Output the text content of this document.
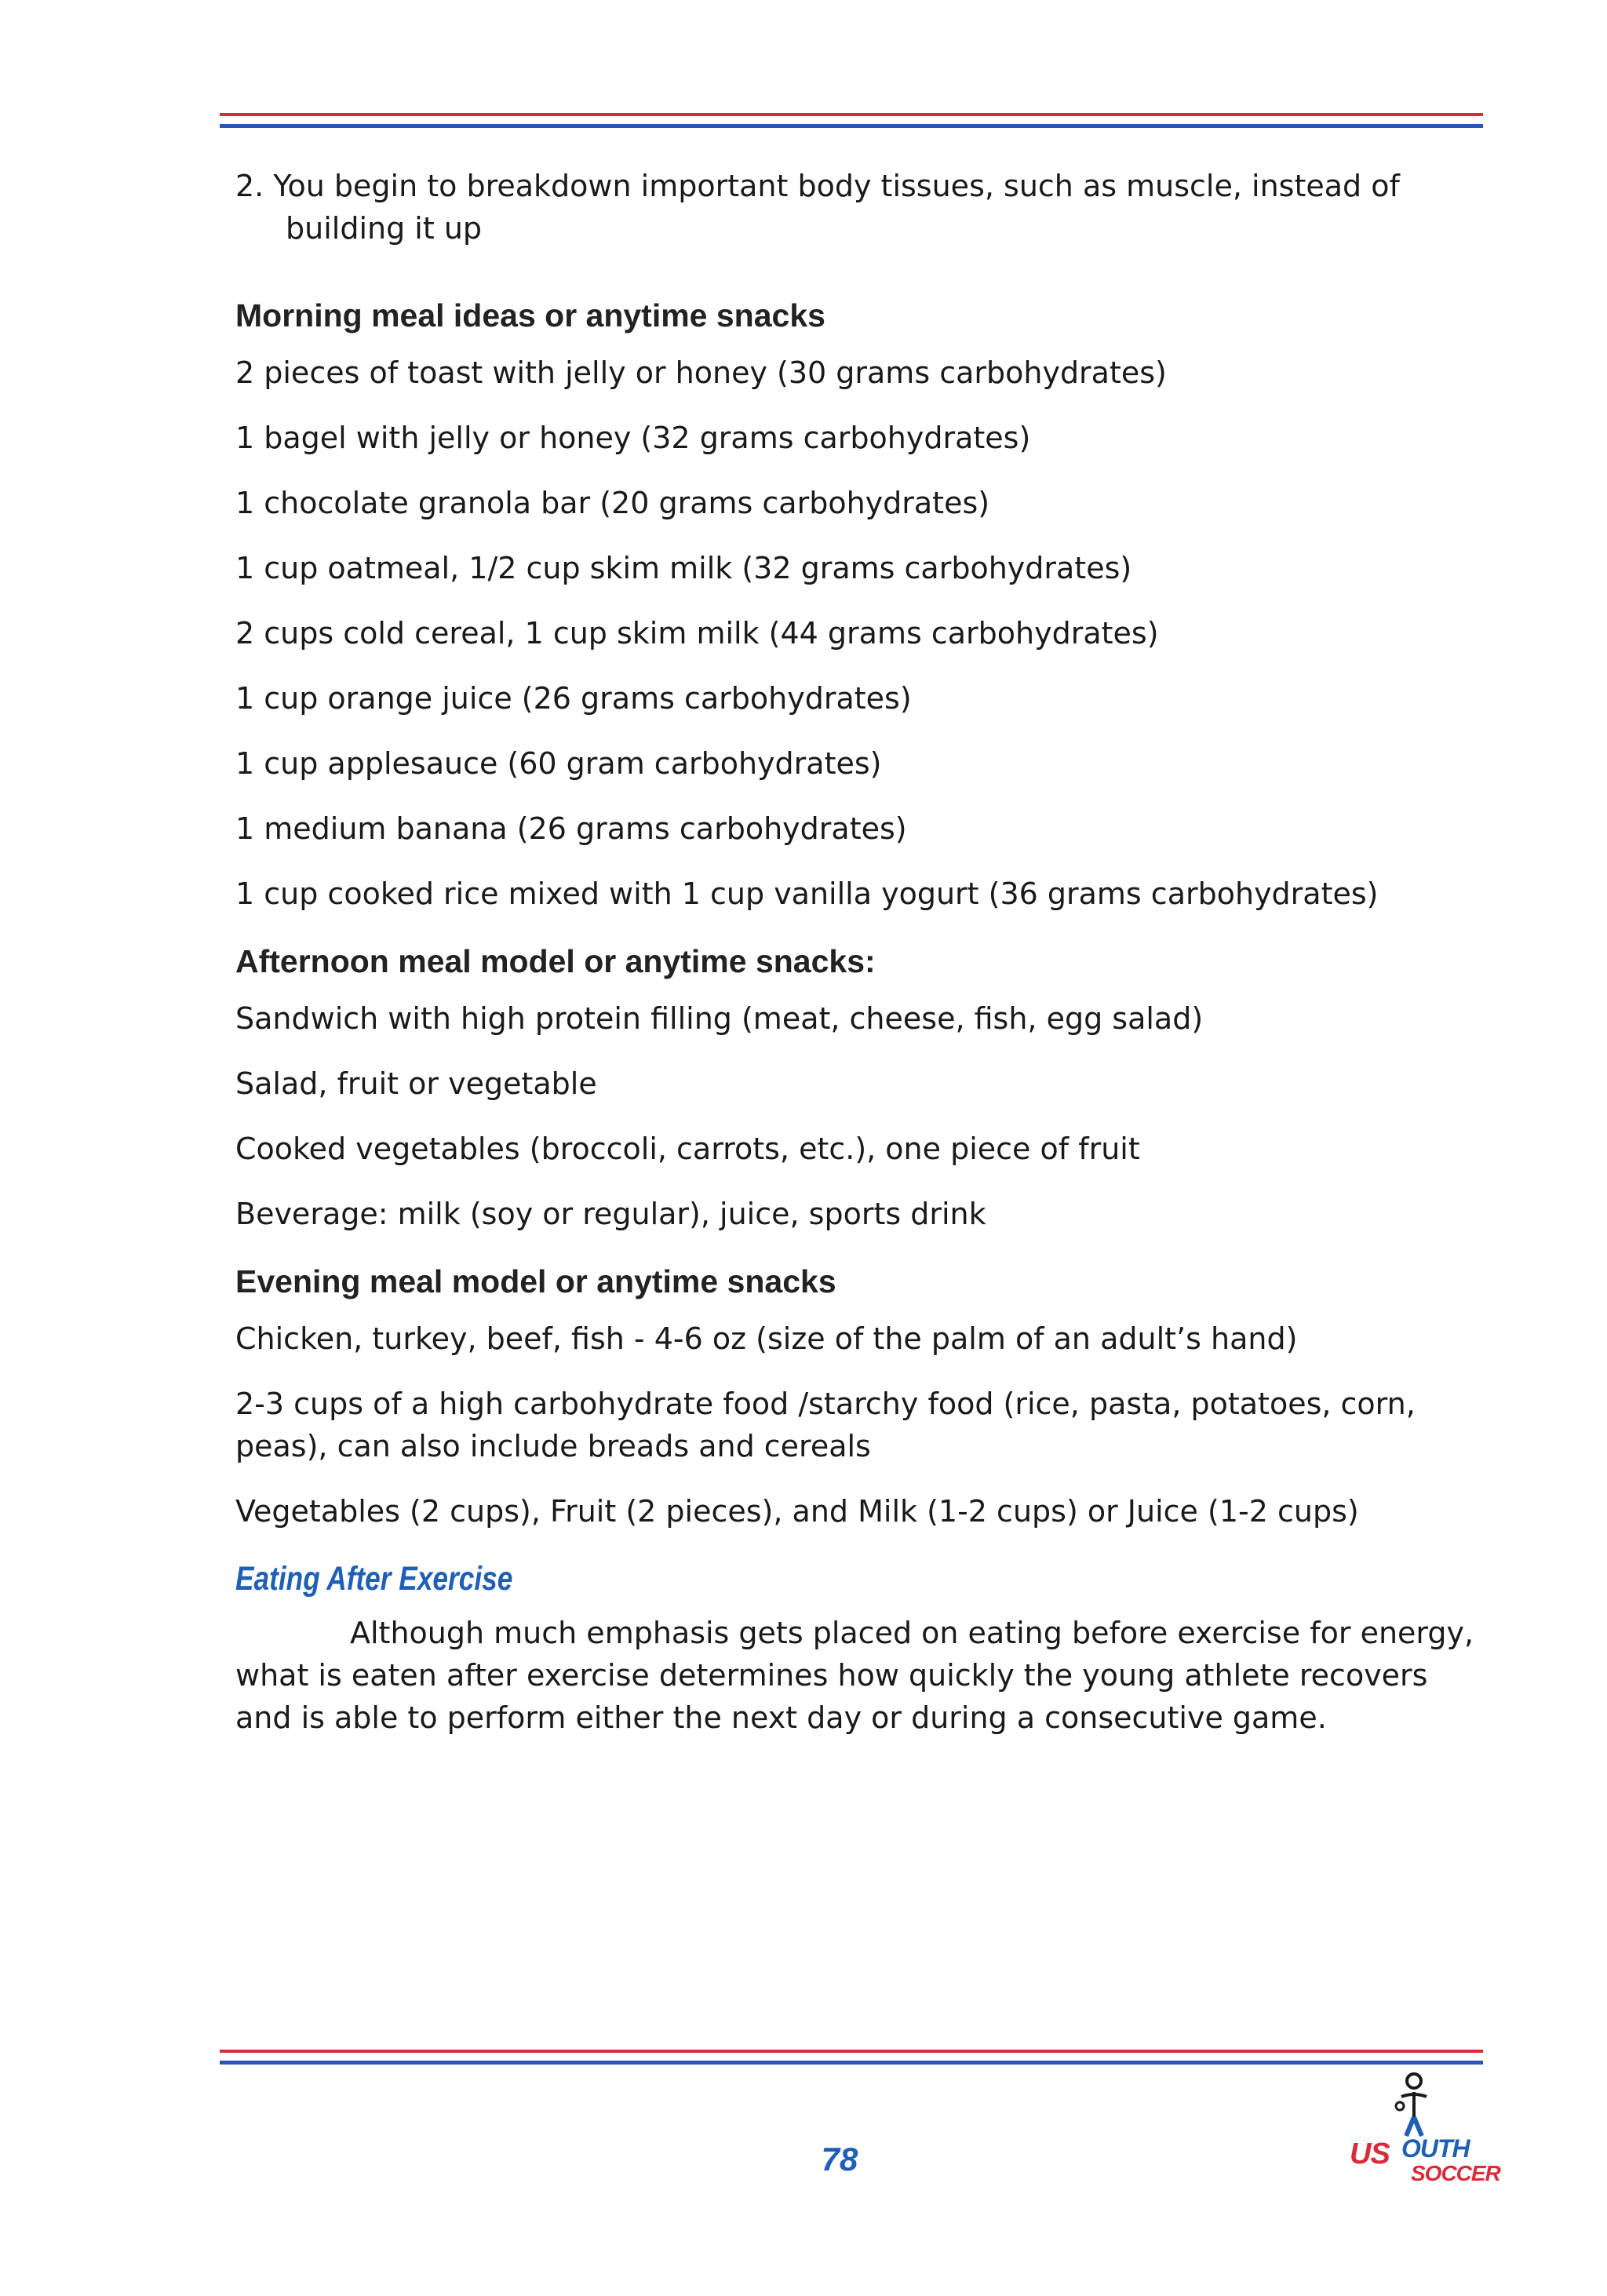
2. You begin to breakdown important body tissues, such as muscle, instead of building it up

Morning meal ideas or anytime snacks

2 pieces of toast with jelly or honey (30 grams carbohydrates)

1 bagel with jelly or honey (32 grams carbohydrates)

1 chocolate granola bar (20 grams carbohydrates)

1 cup oatmeal, 1/2 cup skim milk (32 grams carbohydrates)

2 cups cold cereal, 1 cup skim milk (44 grams carbohydrates)

1 cup orange juice (26 grams carbohydrates)

1 cup applesauce (60 gram carbohydrates)

1 medium banana (26 grams carbohydrates)

1 cup cooked rice mixed with 1 cup vanilla yogurt (36 grams carbohydrates)

Afternoon meal model or anytime snacks:

Sandwich with high protein filling (meat, cheese, fish, egg salad)

Salad, fruit or vegetable

Cooked vegetables (broccoli, carrots, etc.), one piece of fruit

Beverage: milk (soy or regular), juice, sports drink

Evening meal model or anytime snacks

Chicken, turkey, beef, fish - 4-6 oz (size of the palm of an adult’s hand)

2-3 cups of a high carbohydrate food /starchy food (rice, pasta, potatoes, corn, peas), can also include breads and cereals

Vegetables (2 cups), Fruit (2 pieces), and Milk (1-2 cups) or Juice (1-2 cups)

Eating After Exercise

Although much emphasis gets placed on eating before exercise for energy, what is eaten after exercise determines how quickly the young athlete recovers and is able to perform either the next day or during a consecutive game.

78	US OUTH
SOCCER
